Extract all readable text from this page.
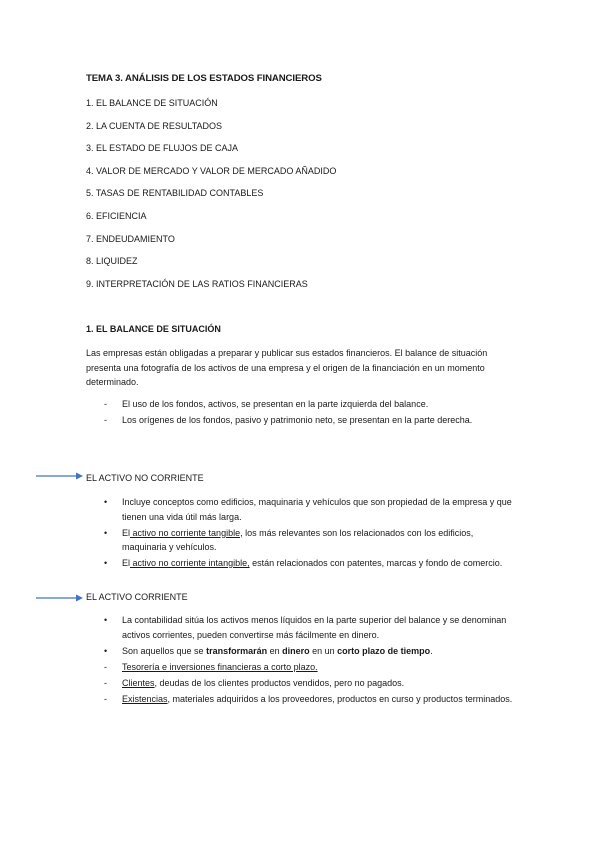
TEMA 3. ANÁLISIS DE LOS ESTADOS FINANCIEROS
1. EL BALANCE DE SITUACIÓN
2. LA CUENTA DE RESULTADOS
3. EL ESTADO DE FLUJOS DE CAJA
4. VALOR DE MERCADO Y VALOR DE MERCADO AÑADIDO
5. TASAS DE RENTABILIDAD CONTABLES
6. EFICIENCIA
7. ENDEUDAMIENTO
8. LIQUIDEZ
9. INTERPRETACIÓN DE LAS RATIOS FINANCIERAS
1. EL BALANCE DE SITUACIÓN
Las empresas están obligadas a preparar y publicar sus estados financieros. El balance de situación presenta una fotografía de los activos de una empresa y el origen de la financiación en un momento determinado.
- El uso de los fondos, activos, se presentan en la parte izquierda del balance.
- Los orígenes de los fondos, pasivo y patrimonio neto, se presentan en la parte derecha.
EL ACTIVO NO CORRIENTE
• Incluye conceptos como edificios, maquinaria y vehículos que son propiedad de la empresa y que tienen una vida útil más larga.
• El activo no corriente tangible, los más relevantes son los relacionados con los edificios, maquinaria y vehículos.
• El activo no corriente intangible, están relacionados con patentes, marcas y fondo de comercio.
EL ACTIVO CORRIENTE
• La contabilidad sitúa los activos menos líquidos en la parte superior del balance y se denominan activos corrientes, pueden convertirse más fácilmente en dinero.
• Son aquellos que se transformarán en dinero en un corto plazo de tiempo.
- Tesorería e inversiones financieras a corto plazo.
- Clientes, deudas de los clientes productos vendidos, pero no pagados.
- Existencias, materiales adquiridos a los proveedores, productos en curso y productos terminados.
